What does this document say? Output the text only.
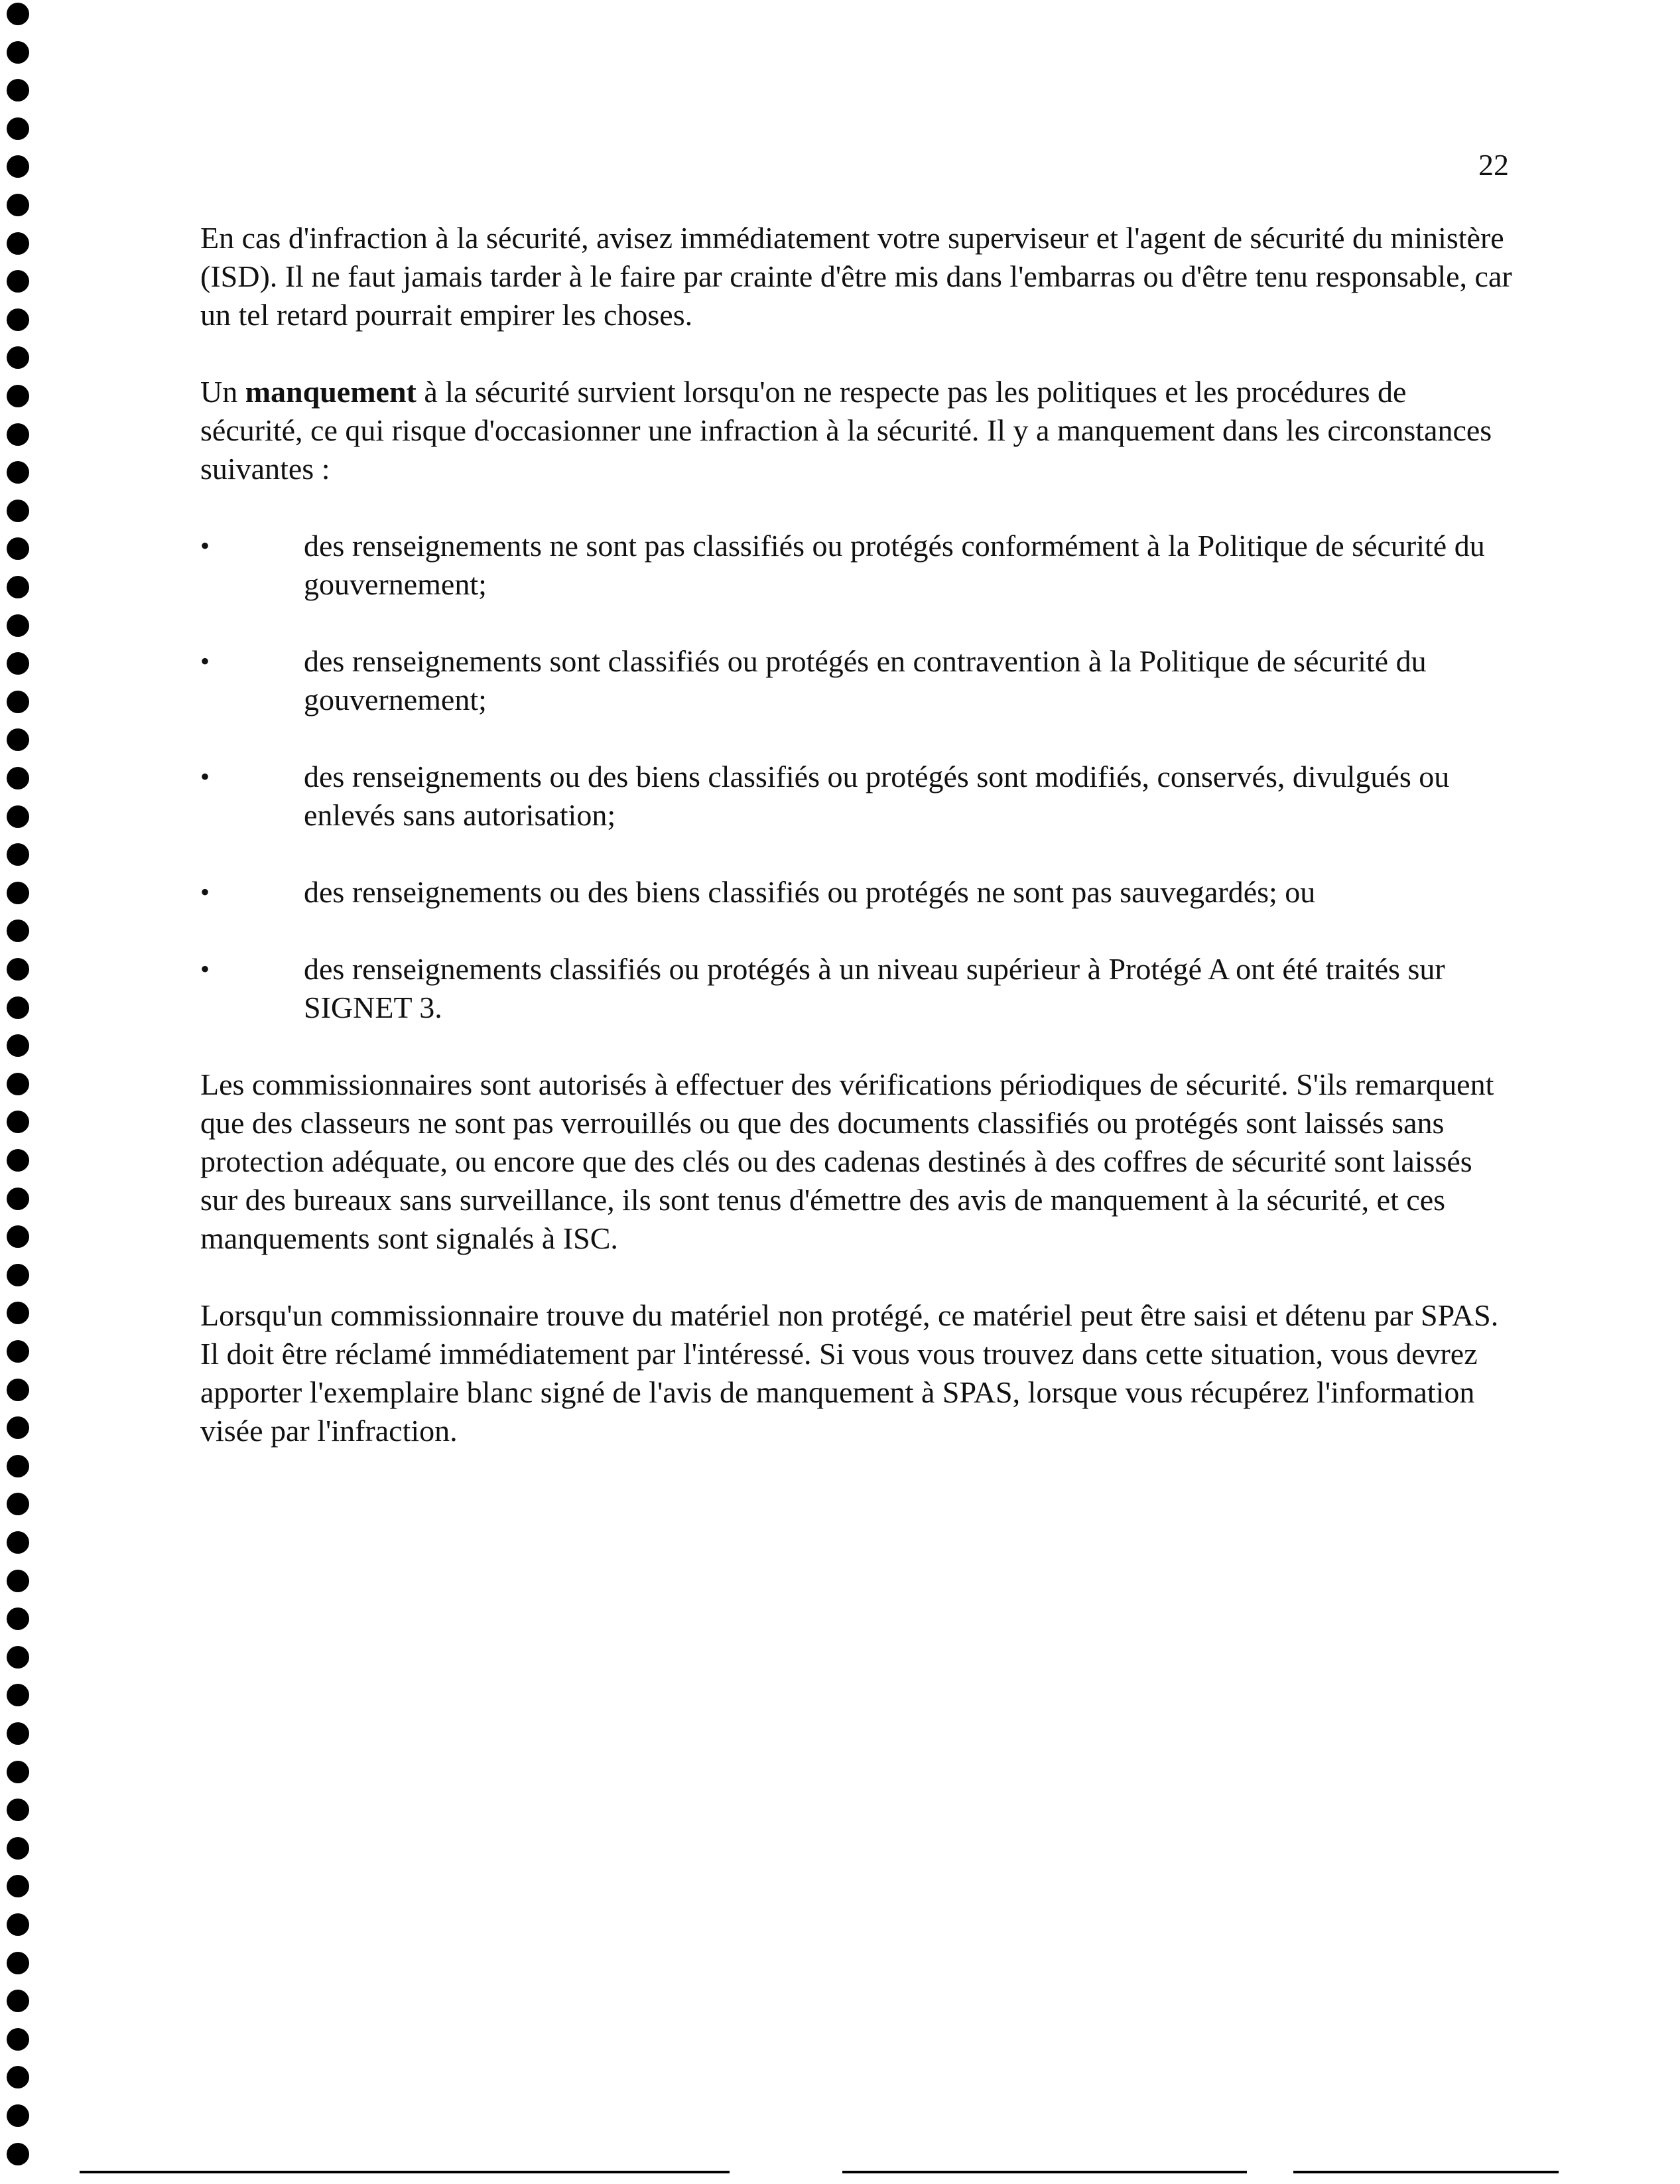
22

En cas d'infraction à la sécurité, avisez immédiatement votre superviseur et l'agent de sécurité du ministère (ISD). Il ne faut jamais tarder à le faire par crainte d'être mis dans l'embarras ou d'être tenu responsable, car un tel retard pourrait empirer les choses.

Un manquement à la sécurité survient lorsqu'on ne respecte pas les politiques et les procédures de sécurité, ce qui risque d'occasionner une infraction à la sécurité. Il y a manquement dans les circonstances suivantes :

•	des renseignements ne sont pas classifiés ou protégés conformément à la Politique de sécurité du gouvernement;
•	des renseignements sont classifiés ou protégés en contravention à la Politique de sécurité du gouvernement;
•	des renseignements ou des biens classifiés ou protégés sont modifiés, conservés, divulgués ou enlevés sans autorisation;
•	des renseignements ou des biens classifiés ou protégés ne sont pas sauvegardés; ou
•	des renseignements classifiés ou protégés à un niveau supérieur à Protégé A ont été traités sur SIGNET 3.

Les commissionnaires sont autorisés à effectuer des vérifications périodiques de sécurité. S'ils remarquent que des classeurs ne sont pas verrouillés ou que des documents classifiés ou protégés sont laissés sans protection adéquate, ou encore que des clés ou des cadenas destinés à des coffres de sécurité sont laissés sur des bureaux sans surveillance, ils sont tenus d'émettre des avis de manquement à la sécurité, et ces manquements sont signalés à ISC.

Lorsqu'un commissionnaire trouve du matériel non protégé, ce matériel peut être saisi et détenu par SPAS. Il doit être réclamé immédiatement par l'intéressé. Si vous vous trouvez dans cette situation, vous devrez apporter l'exemplaire blanc signé de l'avis de manquement à SPAS, lorsque vous récupérez l'information visée par l'infraction.
